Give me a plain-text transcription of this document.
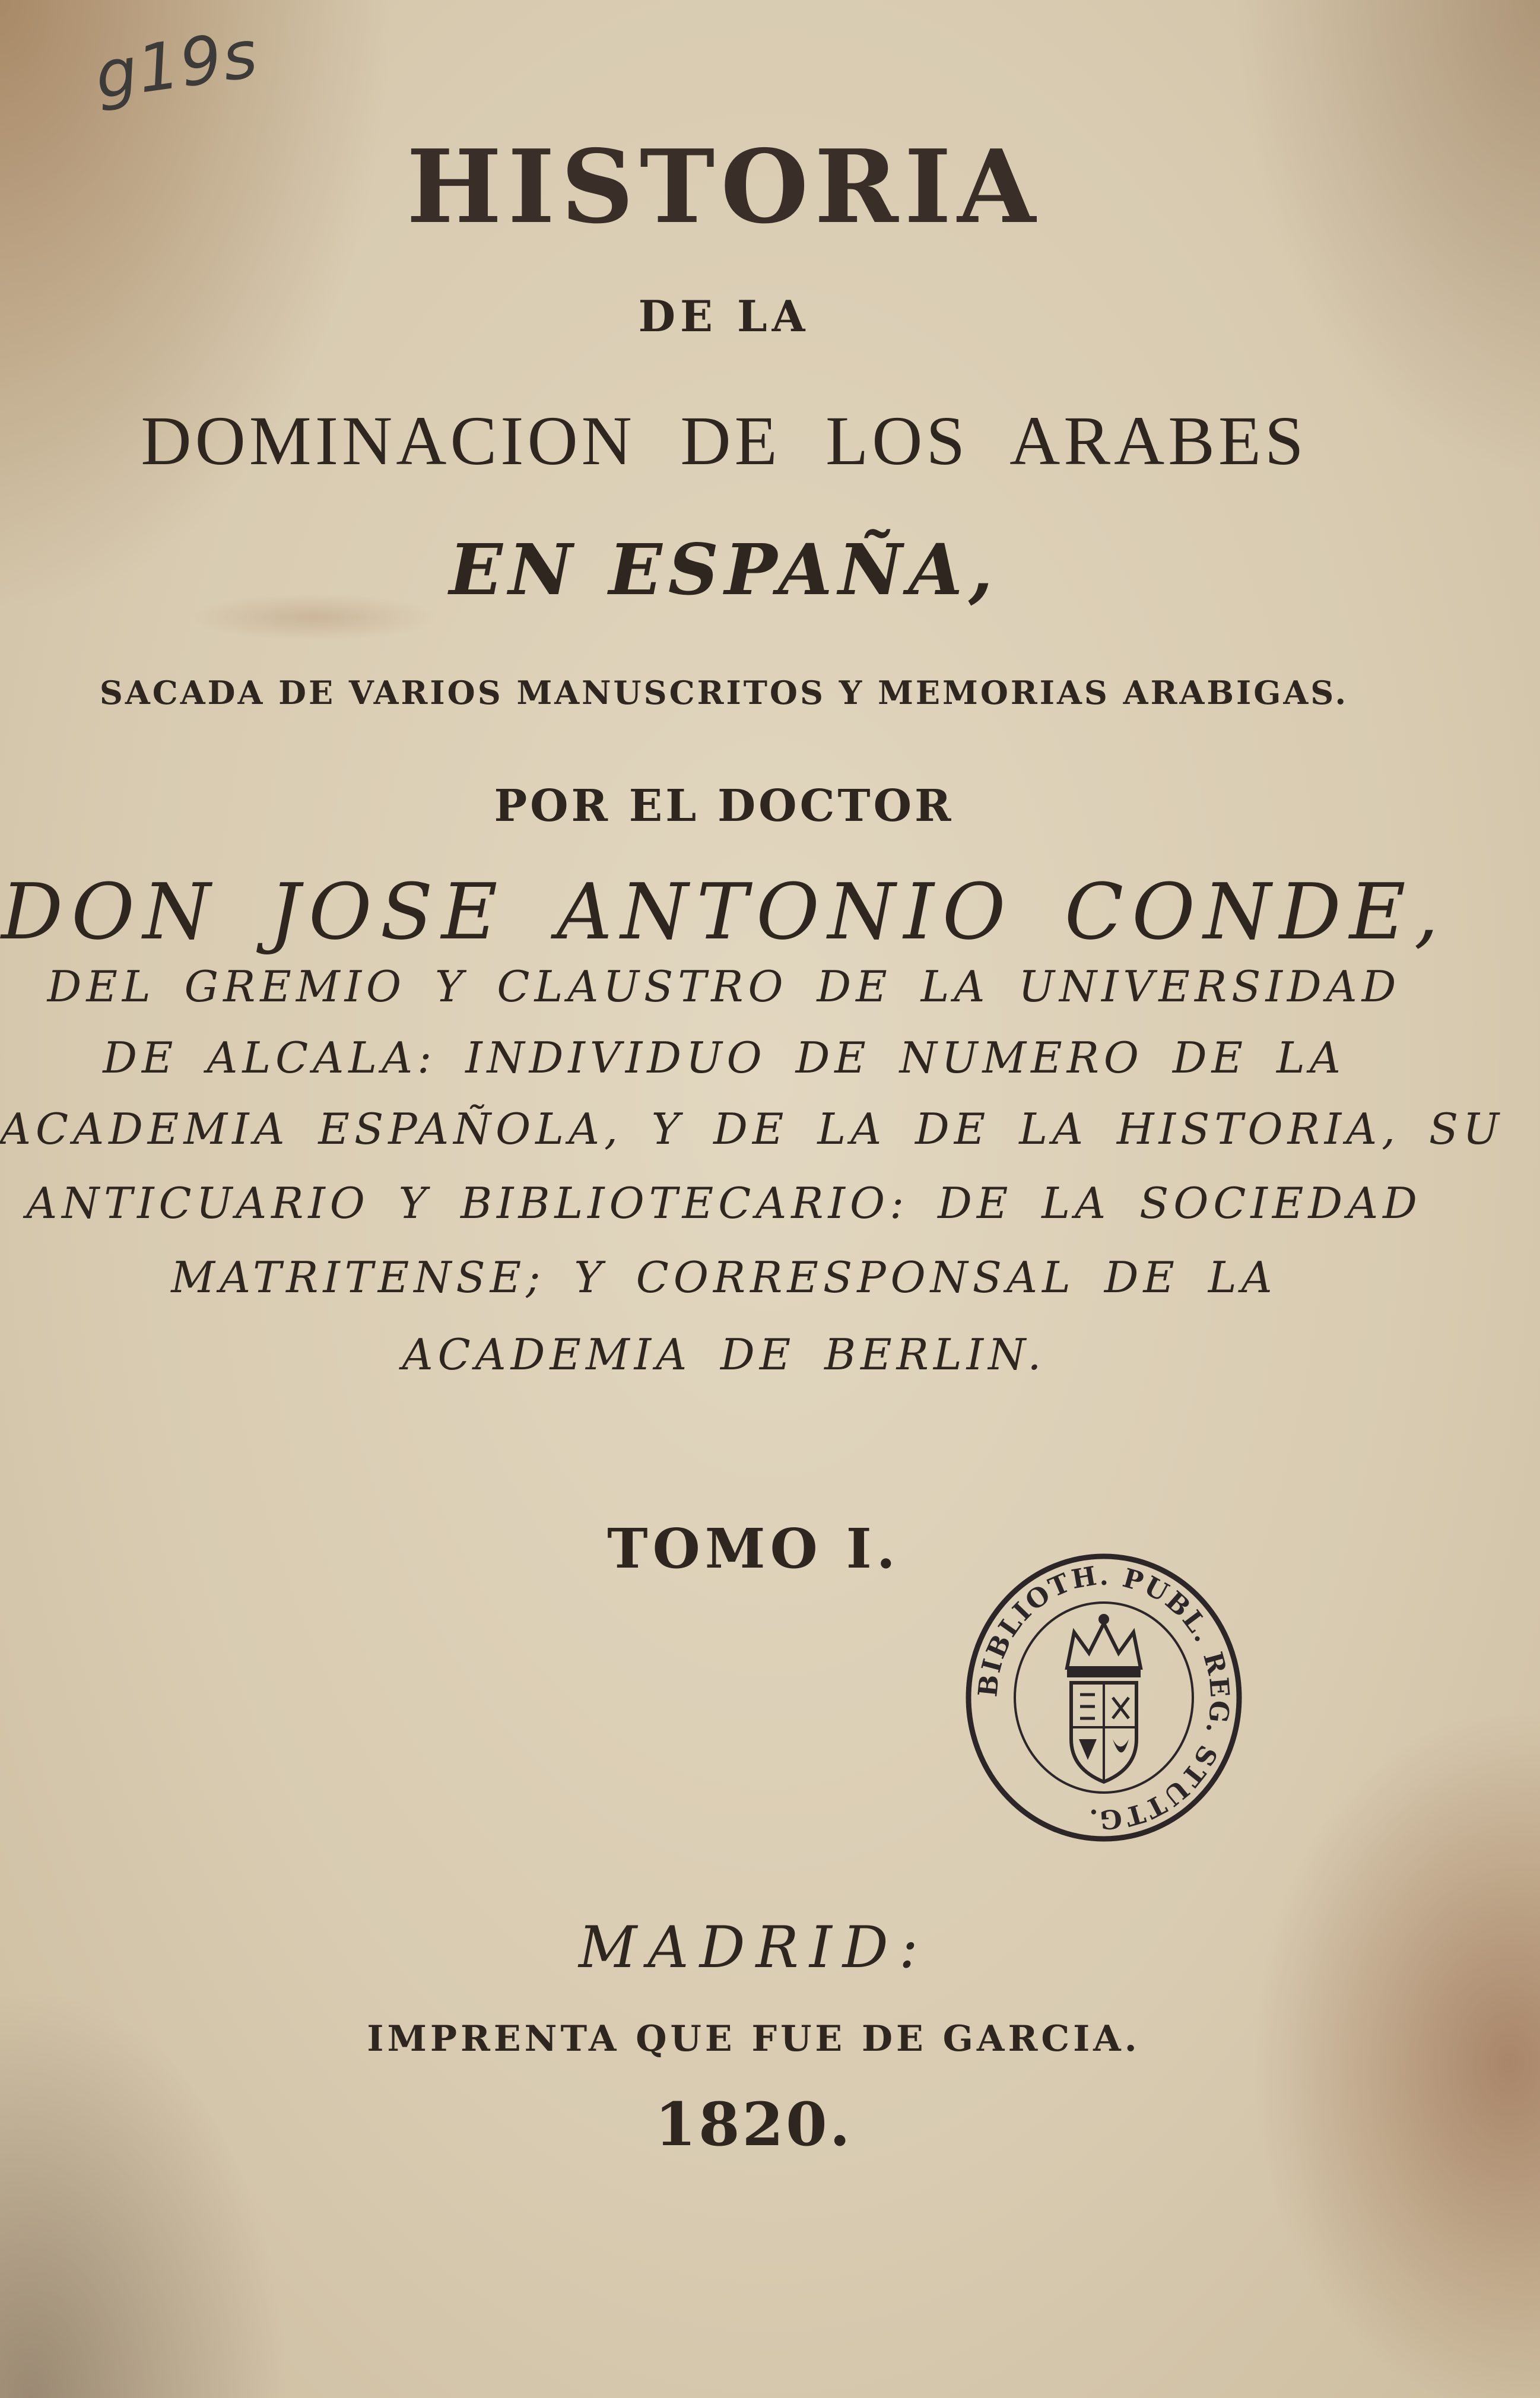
g19s
HISTORIA
DE LA
DOMINACION DE LOS ARABES
EN ESPAÑA,
SACADA DE VARIOS MANUSCRITOS Y MEMORIAS ARABIGAS.
POR EL DOCTOR
DON JOSE ANTONIO CONDE,
DEL GREMIO Y CLAUSTRO DE LA UNIVERSIDAD
DE ALCALA: INDIVIDUO DE NUMERO DE LA
ACADEMIA ESPAÑOLA, Y DE LA DE LA HISTORIA, SU
ANTICUARIO Y BIBLIOTECARIO: DE LA SOCIEDAD
MATRITENSE; Y CORRESPONSAL DE LA
ACADEMIA DE BERLIN.
TOMO I.
BIBLIOTH. PUBL. REG. STUTTG.
MADRID:
IMPRENTA QUE FUE DE GARCIA.
1820.
